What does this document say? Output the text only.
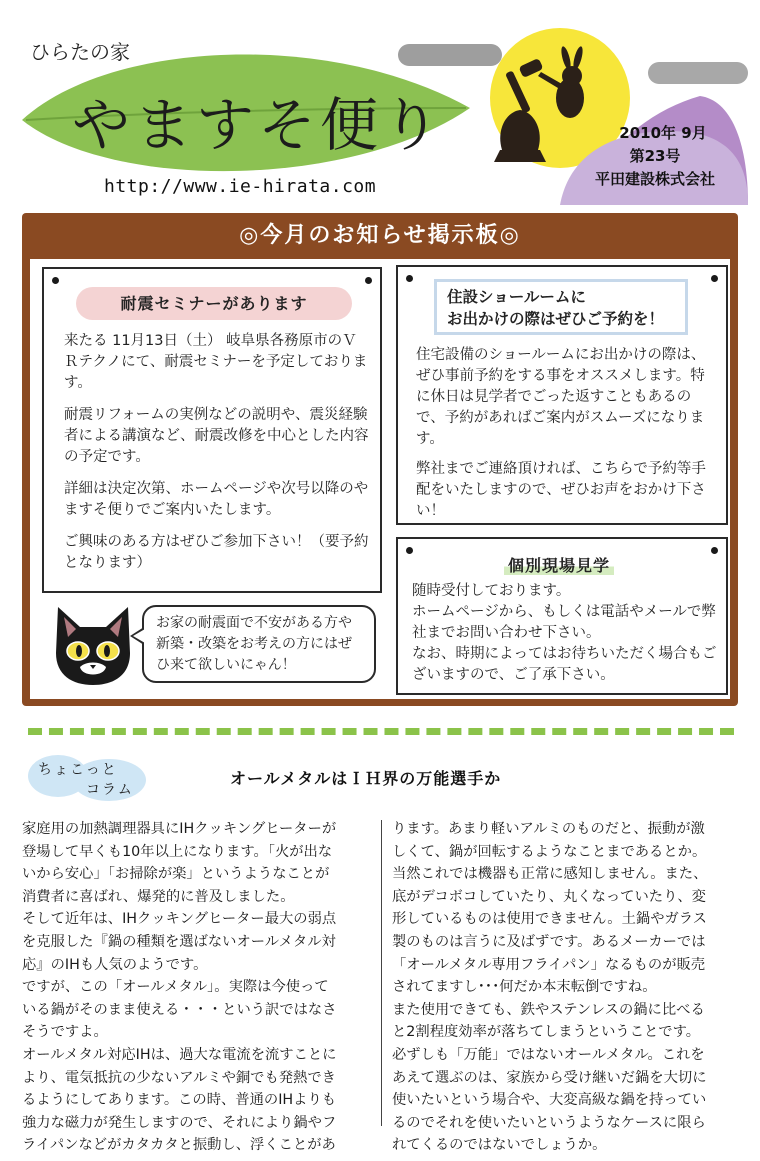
ひらたの家
やますそ便り
http://www.ie-hirata.com
2010年 9月
第23号
平田建設株式会社
◎今月のお知らせ掲示板◎
耐震セミナーがあります

来たる 11月13日（土） 岐阜県各務原市のＶＲテクノにて、耐震セミナーを予定しております。

耐震リフォームの実例などの説明や、震災経験者による講演など、耐震改修を中心とした内容の予定です。

詳細は決定次第、ホームページや次号以降のやますそ便りでご案内いたします。

ご興味のある方はぜひご参加下さい！（要予約となります）

お家の耐震面で不安がある方や新築・改築をお考えの方にはぜひ来て欲しいにゃん！

住設ショールームに
お出かけの際はぜひご予約を！

住宅設備のショールームにお出かけの際は、ぜひ事前予約をする事をオススメします。特に休日は見学者でごった返すこともあるので、予約があればご案内がスムーズになります。

弊社までご連絡頂ければ、こちらで予約等手配をいたしますので、ぜひお声をおかけ下さい！

個別現場見学

随時受付しております。

ホームページから、もしくは電話やメールで弊社までお問い合わせ下さい。

なお、時期によってはお待ちいただく場合もございますので、ご了承下さい。

ちょこっと
コラム
オールメタルはＩＨ界の万能選手か
家庭用の加熱調理器具にIHクッキングヒーターが
登場して早くも10年以上になります。「火が出な
いから安心」「お掃除が楽」というようなことが
消費者に喜ばれ、爆発的に普及しました。
そして近年は、IHクッキングヒーター最大の弱点
を克服した『鍋の種類を選ばないオールメタル対
応』のIHも人気のようです。
ですが、この「オールメタル」。実際は今使って
いる鍋がそのまま使える・・・という訳ではなさ
そうですよ。
オールメタル対応IHは、過大な電流を流すことに
より、電気抵抗の少ないアルミや銅でも発熱でき
るようにしてあります。この時、普通のIHよりも
強力な磁力が発生しますので、それにより鍋やフ
ライパンなどがカタカタと振動し、浮くことがあ
ります。あまり軽いアルミのものだと、振動が激
しくて、鍋が回転するようなことまであるとか。
当然これでは機器も正常に感知しません。また、
底がデコボコしていたり、丸くなっていたり、変
形しているものは使用できません。土鍋やガラス
製のものは言うに及ばずです。あるメーカーでは
「オールメタル専用フライパン」なるものが販売
されてますし･･･何だか本末転倒ですね。
また使用できても、鉄やステンレスの鍋に比べる
と2割程度効率が落ちてしまうということです。
必ずしも「万能」ではないオールメタル。これを
あえて選ぶのは、家族から受け継いだ鍋を大切に
使いたいという場合や、大変高級な鍋を持ってい
るのでそれを使いたいというようなケースに限ら
れてくるのではないでしょうか。
